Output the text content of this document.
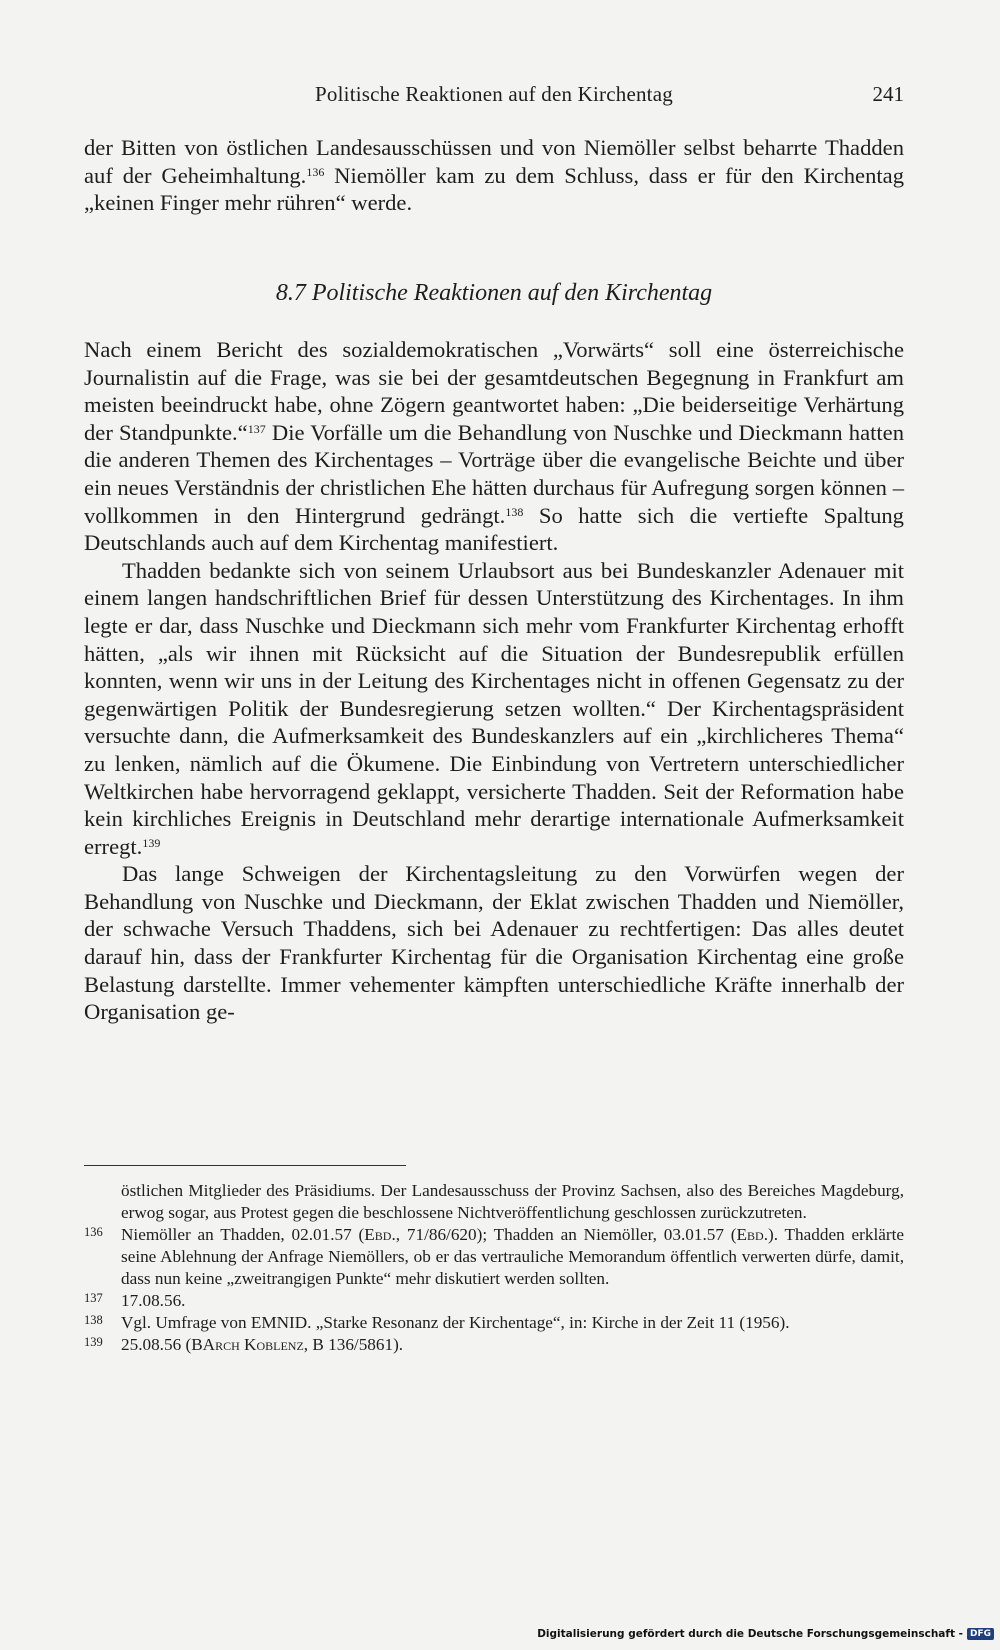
Politische Reaktionen auf den Kirchentag	241

der Bitten von östlichen Landesausschüssen und von Niemöller selbst beharrte Thadden auf der Geheimhaltung.$^{136}$ Niemöller kam zu dem Schluss, dass er für den Kirchentag „keinen Finger mehr rühren“ werde.

8.7 Politische Reaktionen auf den Kirchentag

Nach einem Bericht des sozialdemokratischen „Vorwärts“ soll eine österreichische Journalistin auf die Frage, was sie bei der gesamtdeutschen Begegnung in Frankfurt am meisten beeindruckt habe, ohne Zögern geantwortet haben: „Die beiderseitige Verhärtung der Standpunkte.“$^{137}$ Die Vorfälle um die Behandlung von Nuschke und Dieckmann hatten die anderen Themen des Kirchentages – Vorträge über die evangelische Beichte und über ein neues Verständnis der christlichen Ehe hätten durchaus für Aufregung sorgen können – vollkommen in den Hintergrund gedrängt.$^{138}$ So hatte sich die vertiefte Spaltung Deutschlands auch auf dem Kirchentag manifestiert.

Thadden bedankte sich von seinem Urlaubsort aus bei Bundeskanzler Adenauer mit einem langen handschriftlichen Brief für dessen Unterstützung des Kirchentages. In ihm legte er dar, dass Nuschke und Dieckmann sich mehr vom Frankfurter Kirchentag erhofft hätten, „als wir ihnen mit Rücksicht auf die Situation der Bundesrepublik erfüllen konnten, wenn wir uns in der Leitung des Kirchentages nicht in offenen Gegensatz zu der gegenwärtigen Politik der Bundesregierung setzen wollten.“ Der Kirchentagspräsident versuchte dann, die Aufmerksamkeit des Bundeskanzlers auf ein „kirchlicheres Thema“ zu lenken, nämlich auf die Ökumene. Die Einbindung von Vertretern unterschiedlicher Weltkirchen habe hervorragend geklappt, versicherte Thadden. Seit der Reformation habe kein kirchliches Ereignis in Deutschland mehr derartige internationale Aufmerksamkeit erregt.$^{139}$

Das lange Schweigen der Kirchentagsleitung zu den Vorwürfen wegen der Behandlung von Nuschke und Dieckmann, der Eklat zwischen Thadden und Niemöller, der schwache Versuch Thaddens, sich bei Adenauer zu rechtfertigen: Das alles deutet darauf hin, dass der Frankfurter Kirchentag für die Organisation Kirchentag eine große Belastung darstellte. Immer vehementer kämpften unterschiedliche Kräfte innerhalb der Organisation ge-

östlichen Mitglieder des Präsidiums. Der Landesausschuss der Provinz Sachsen, also des Bereiches Magdeburg, erwog sogar, aus Protest gegen die beschlossene Nichtveröffentlichung geschlossen zurückzutreten.

136 Niemöller an Thadden, 02.01.57 (Ebd., 71/86/620); Thadden an Niemöller, 03.01.57 (Ebd.). Thadden erklärte seine Ablehnung der Anfrage Niemöllers, ob er das vertrauliche Memorandum öffentlich verwerten dürfe, damit, dass nun keine „zweitrangigen Punkte“ mehr diskutiert werden sollten.

137 17.08.56.

138 Vgl. Umfrage von EMNID. „Starke Resonanz der Kirchentage“, in: Kirche in der Zeit 11 (1956).

139 25.08.56 (BArch Koblenz, B 136/5861).

Digitalisierung gefördert durch die Deutsche Forschungsgemeinschaft - DFG
